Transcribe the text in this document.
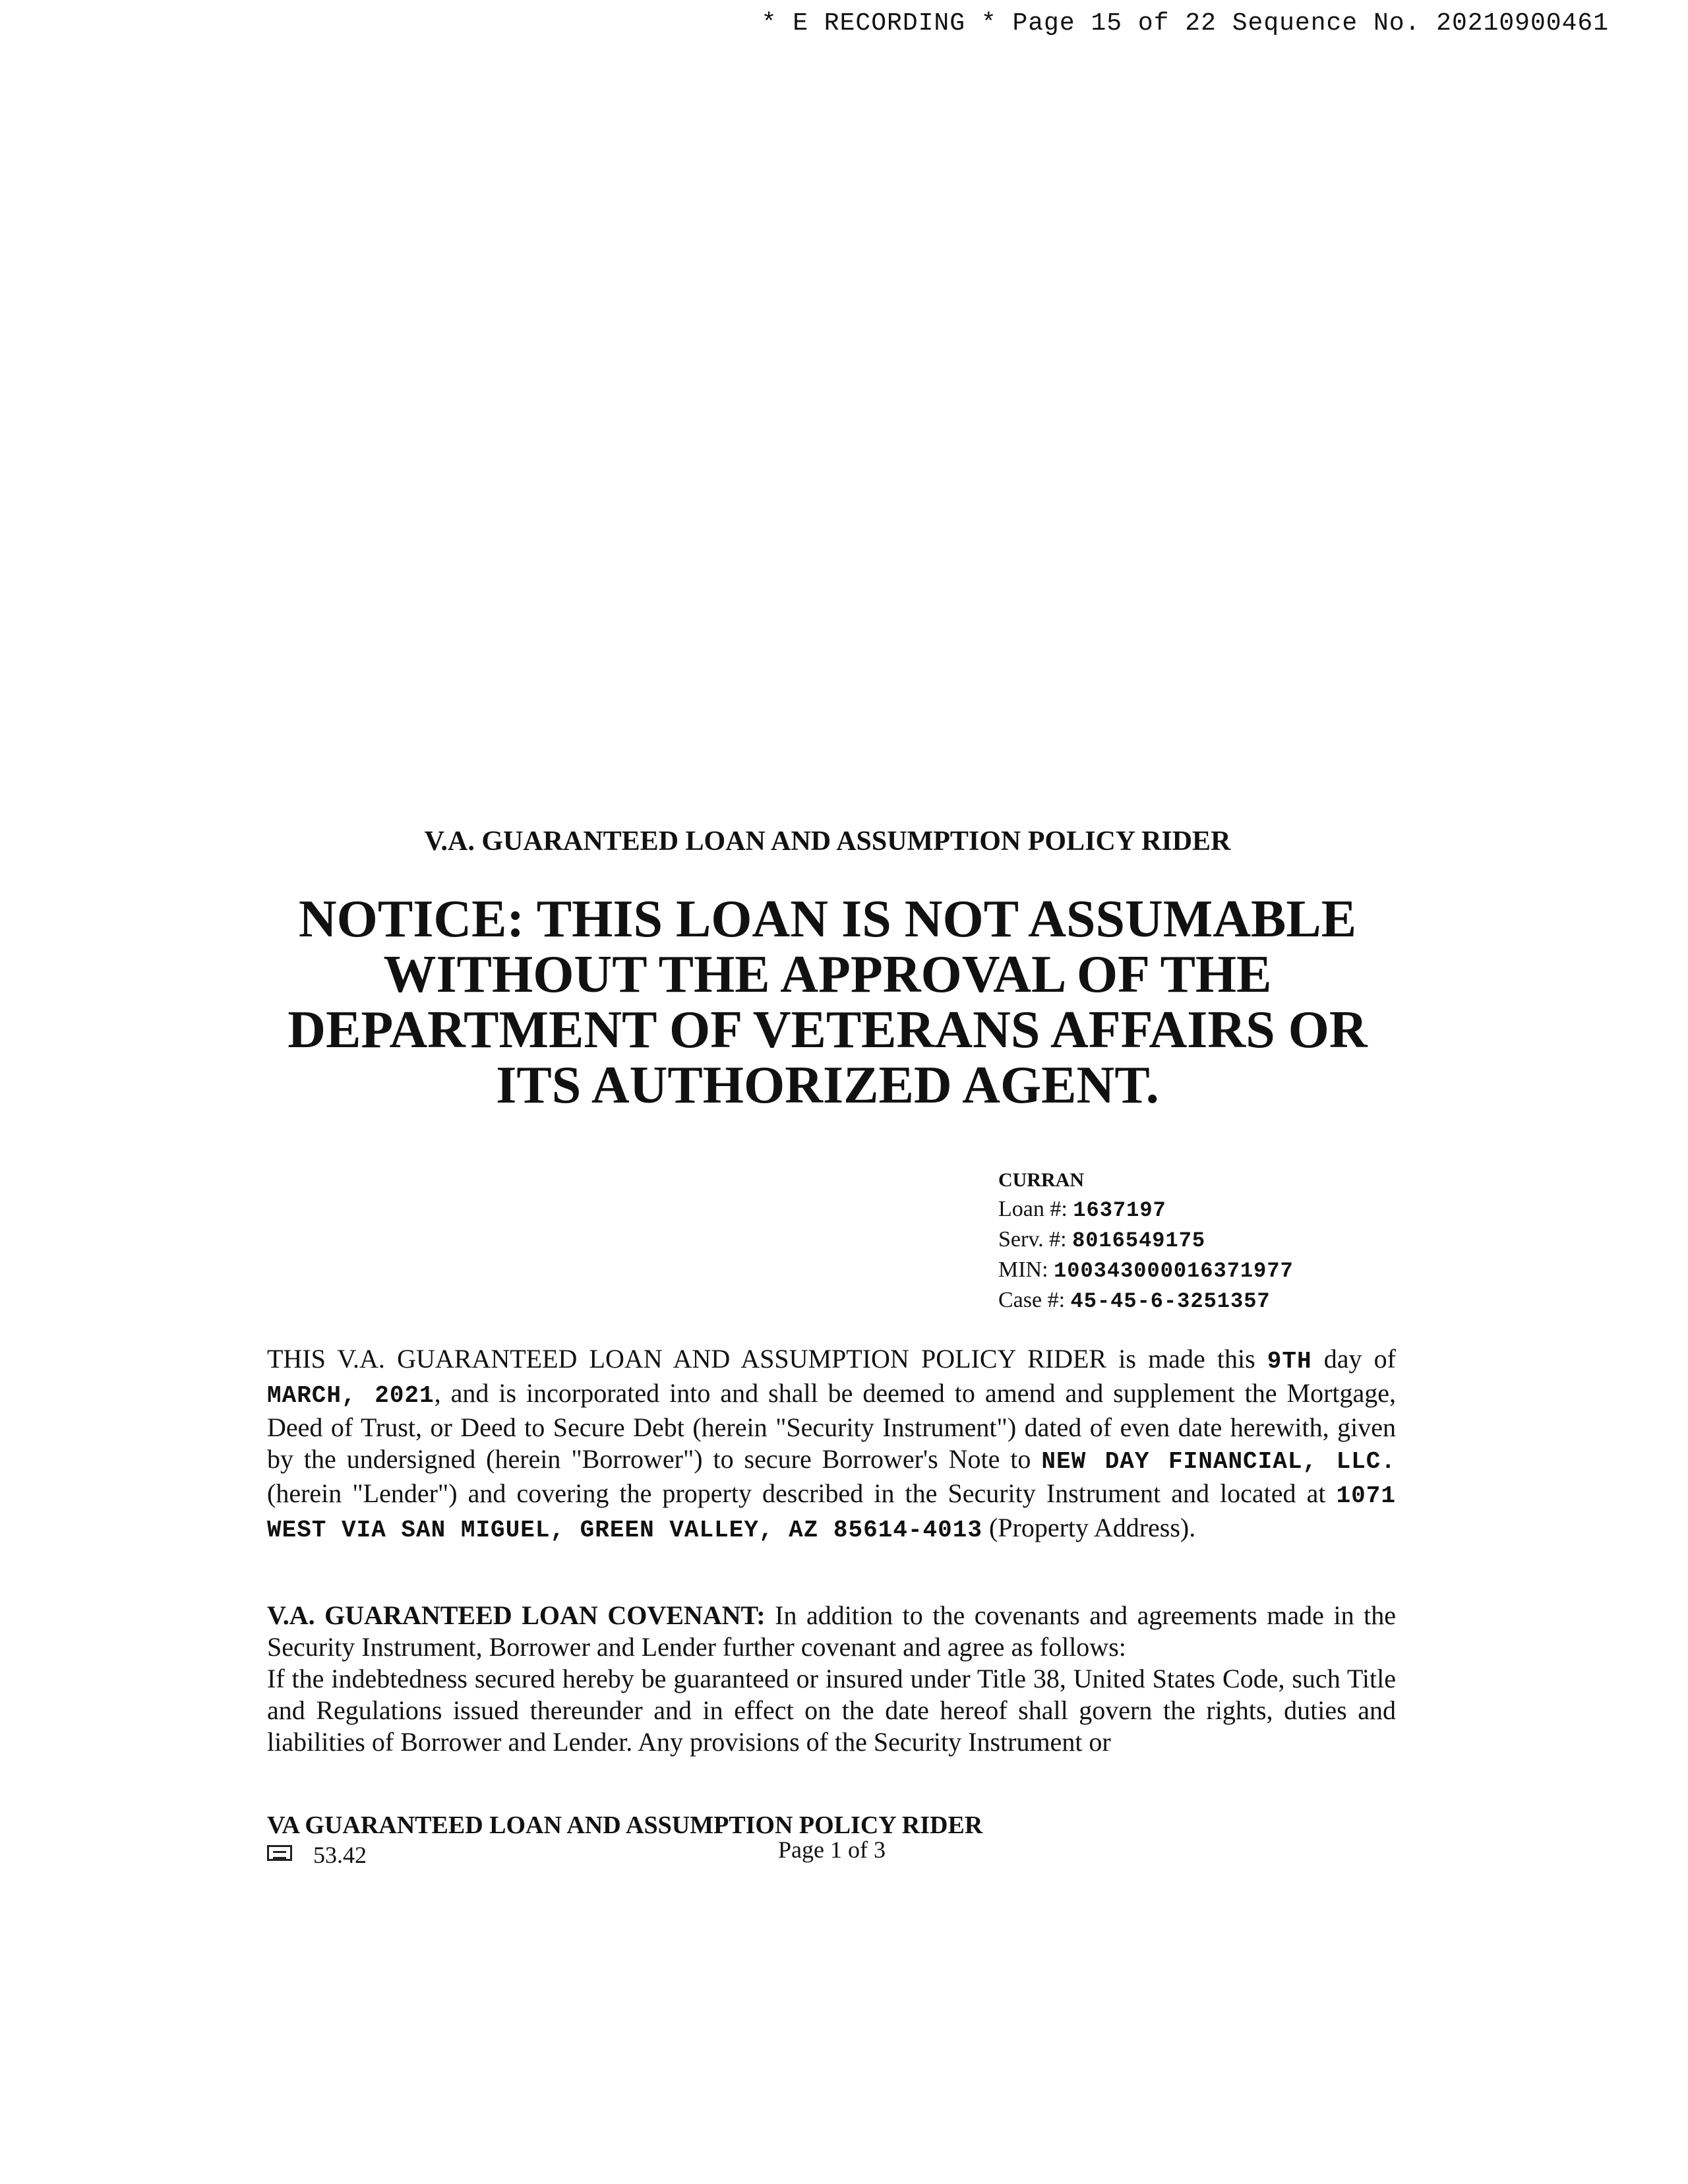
* E RECORDING * Page 15 of 22 Sequence No. 20210900461
V.A. GUARANTEED LOAN AND ASSUMPTION POLICY RIDER
NOTICE: THIS LOAN IS NOT ASSUMABLE
WITHOUT THE APPROVAL OF THE
DEPARTMENT OF VETERANS AFFAIRS OR
ITS AUTHORIZED AGENT.
CURRAN
Loan #: 1637197
Serv. #: 8016549175
MIN: 100343000016371977
Case #: 45-45-6-3251357
THIS V.A. GUARANTEED LOAN AND ASSUMPTION POLICY RIDER is made this 9TH day of MARCH, 2021, and is incorporated into and shall be deemed to amend and supplement the Mortgage, Deed of Trust, or Deed to Secure Debt (herein "Security Instrument") dated of even date herewith, given by the undersigned (herein "Borrower") to secure Borrower's Note to NEW DAY FINANCIAL, LLC. (herein "Lender") and covering the property described in the Security Instrument and located at 1071 WEST VIA SAN MIGUEL, GREEN VALLEY, AZ 85614-4013 (Property Address).
V.A. GUARANTEED LOAN COVENANT: In addition to the covenants and agreements made in the Security Instrument, Borrower and Lender further covenant and agree as follows:
If the indebtedness secured hereby be guaranteed or insured under Title 38, United States Code, such Title and Regulations issued thereunder and in effect on the date hereof shall govern the rights, duties and liabilities of Borrower and Lender. Any provisions of the Security Instrument or
VA GUARANTEED LOAN AND ASSUMPTION POLICY RIDER
53.42	Page 1 of 3
